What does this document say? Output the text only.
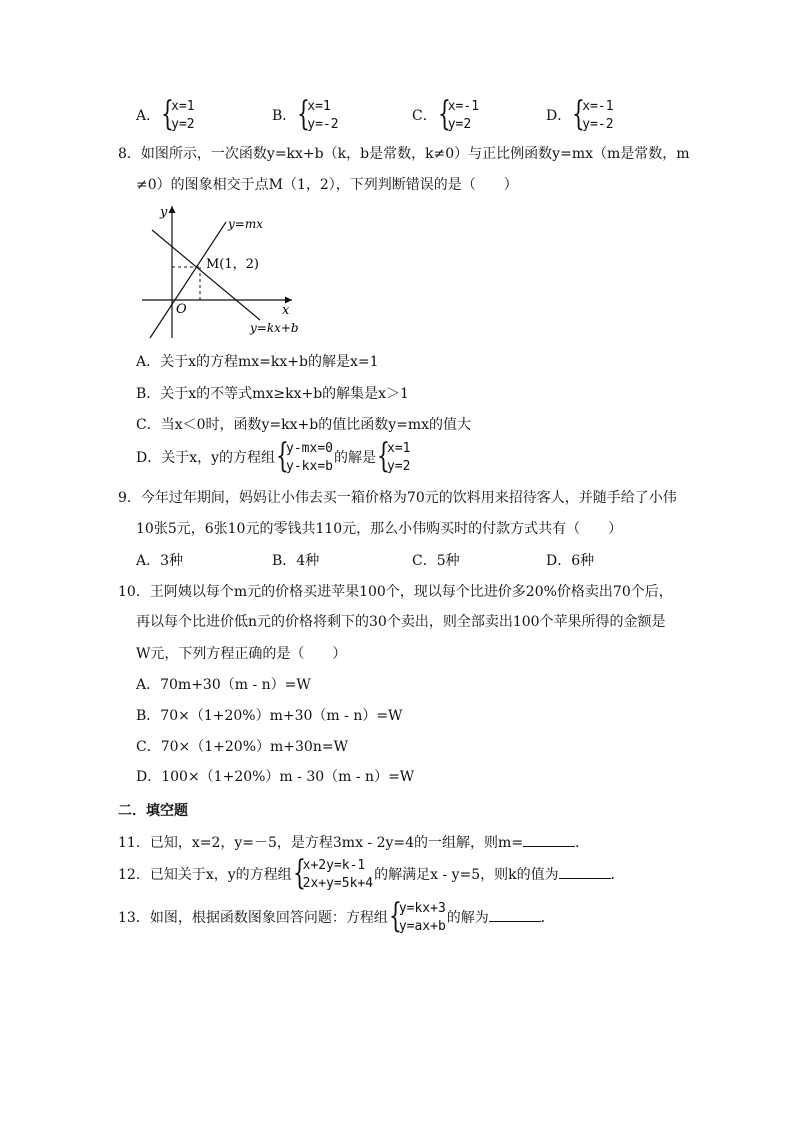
A． {
x=1
y=2
B． {
x=1
y=-2
C． {
x=-1
y=2
D． {
x=-1
y=-2
8．如图所示，一次函数y=kx+b（k，b是常数，k≠0）与正比例函数y=mx（m是常数，m
≠0）的图象相交于点M（1，2），下列判断错误的是（　　）
y
x
O
y=mx
y=kx+b
M(1，2)
A．关于x的方程mx=kx+b的解是x=1
B．关于x的不等式mx≥kx+b的解集是x＞1
C．当x＜0时，函数y=kx+b的值比函数y=mx的值大
D．关于x，y的方程组 {
y-mx=0
y-kx=b
的解是 {
x=1
y=2
9．今年过年期间，妈妈让小伟去买一箱价格为70元的饮料用来招待客人，并随手给了小伟
10张5元，6张10元的零钱共110元，那么小伟购买时的付款方式共有（　　）
A．3种	B．4种	C．5种	D．6种
10．王阿姨以每个m元的价格买进苹果100个，现以每个比进价多20%价格卖出70个后，
再以每个比进价低n元的价格将剩下的30个卖出，则全部卖出100个苹果所得的金额是
W元，下列方程正确的是（　　）
A．70m+30（m - n）=W
B．70×（1+20%）m+30（m - n）=W
C．70×（1+20%）m+30n=W
D．100×（1+20%）m - 30（m - n）=W
二．填空题
11．已知，x=2，y=－5，是方程3mx - 2y=4的一组解，则m=	．
12．已知关于x，y的方程组 {
x+2y=k-1
2x+y=5k+4
的解满足x - y=5，则k的值为	．
13．如图，根据函数图象回答问题：方程组 {
y=kx+3
y=ax+b
的解为	．
